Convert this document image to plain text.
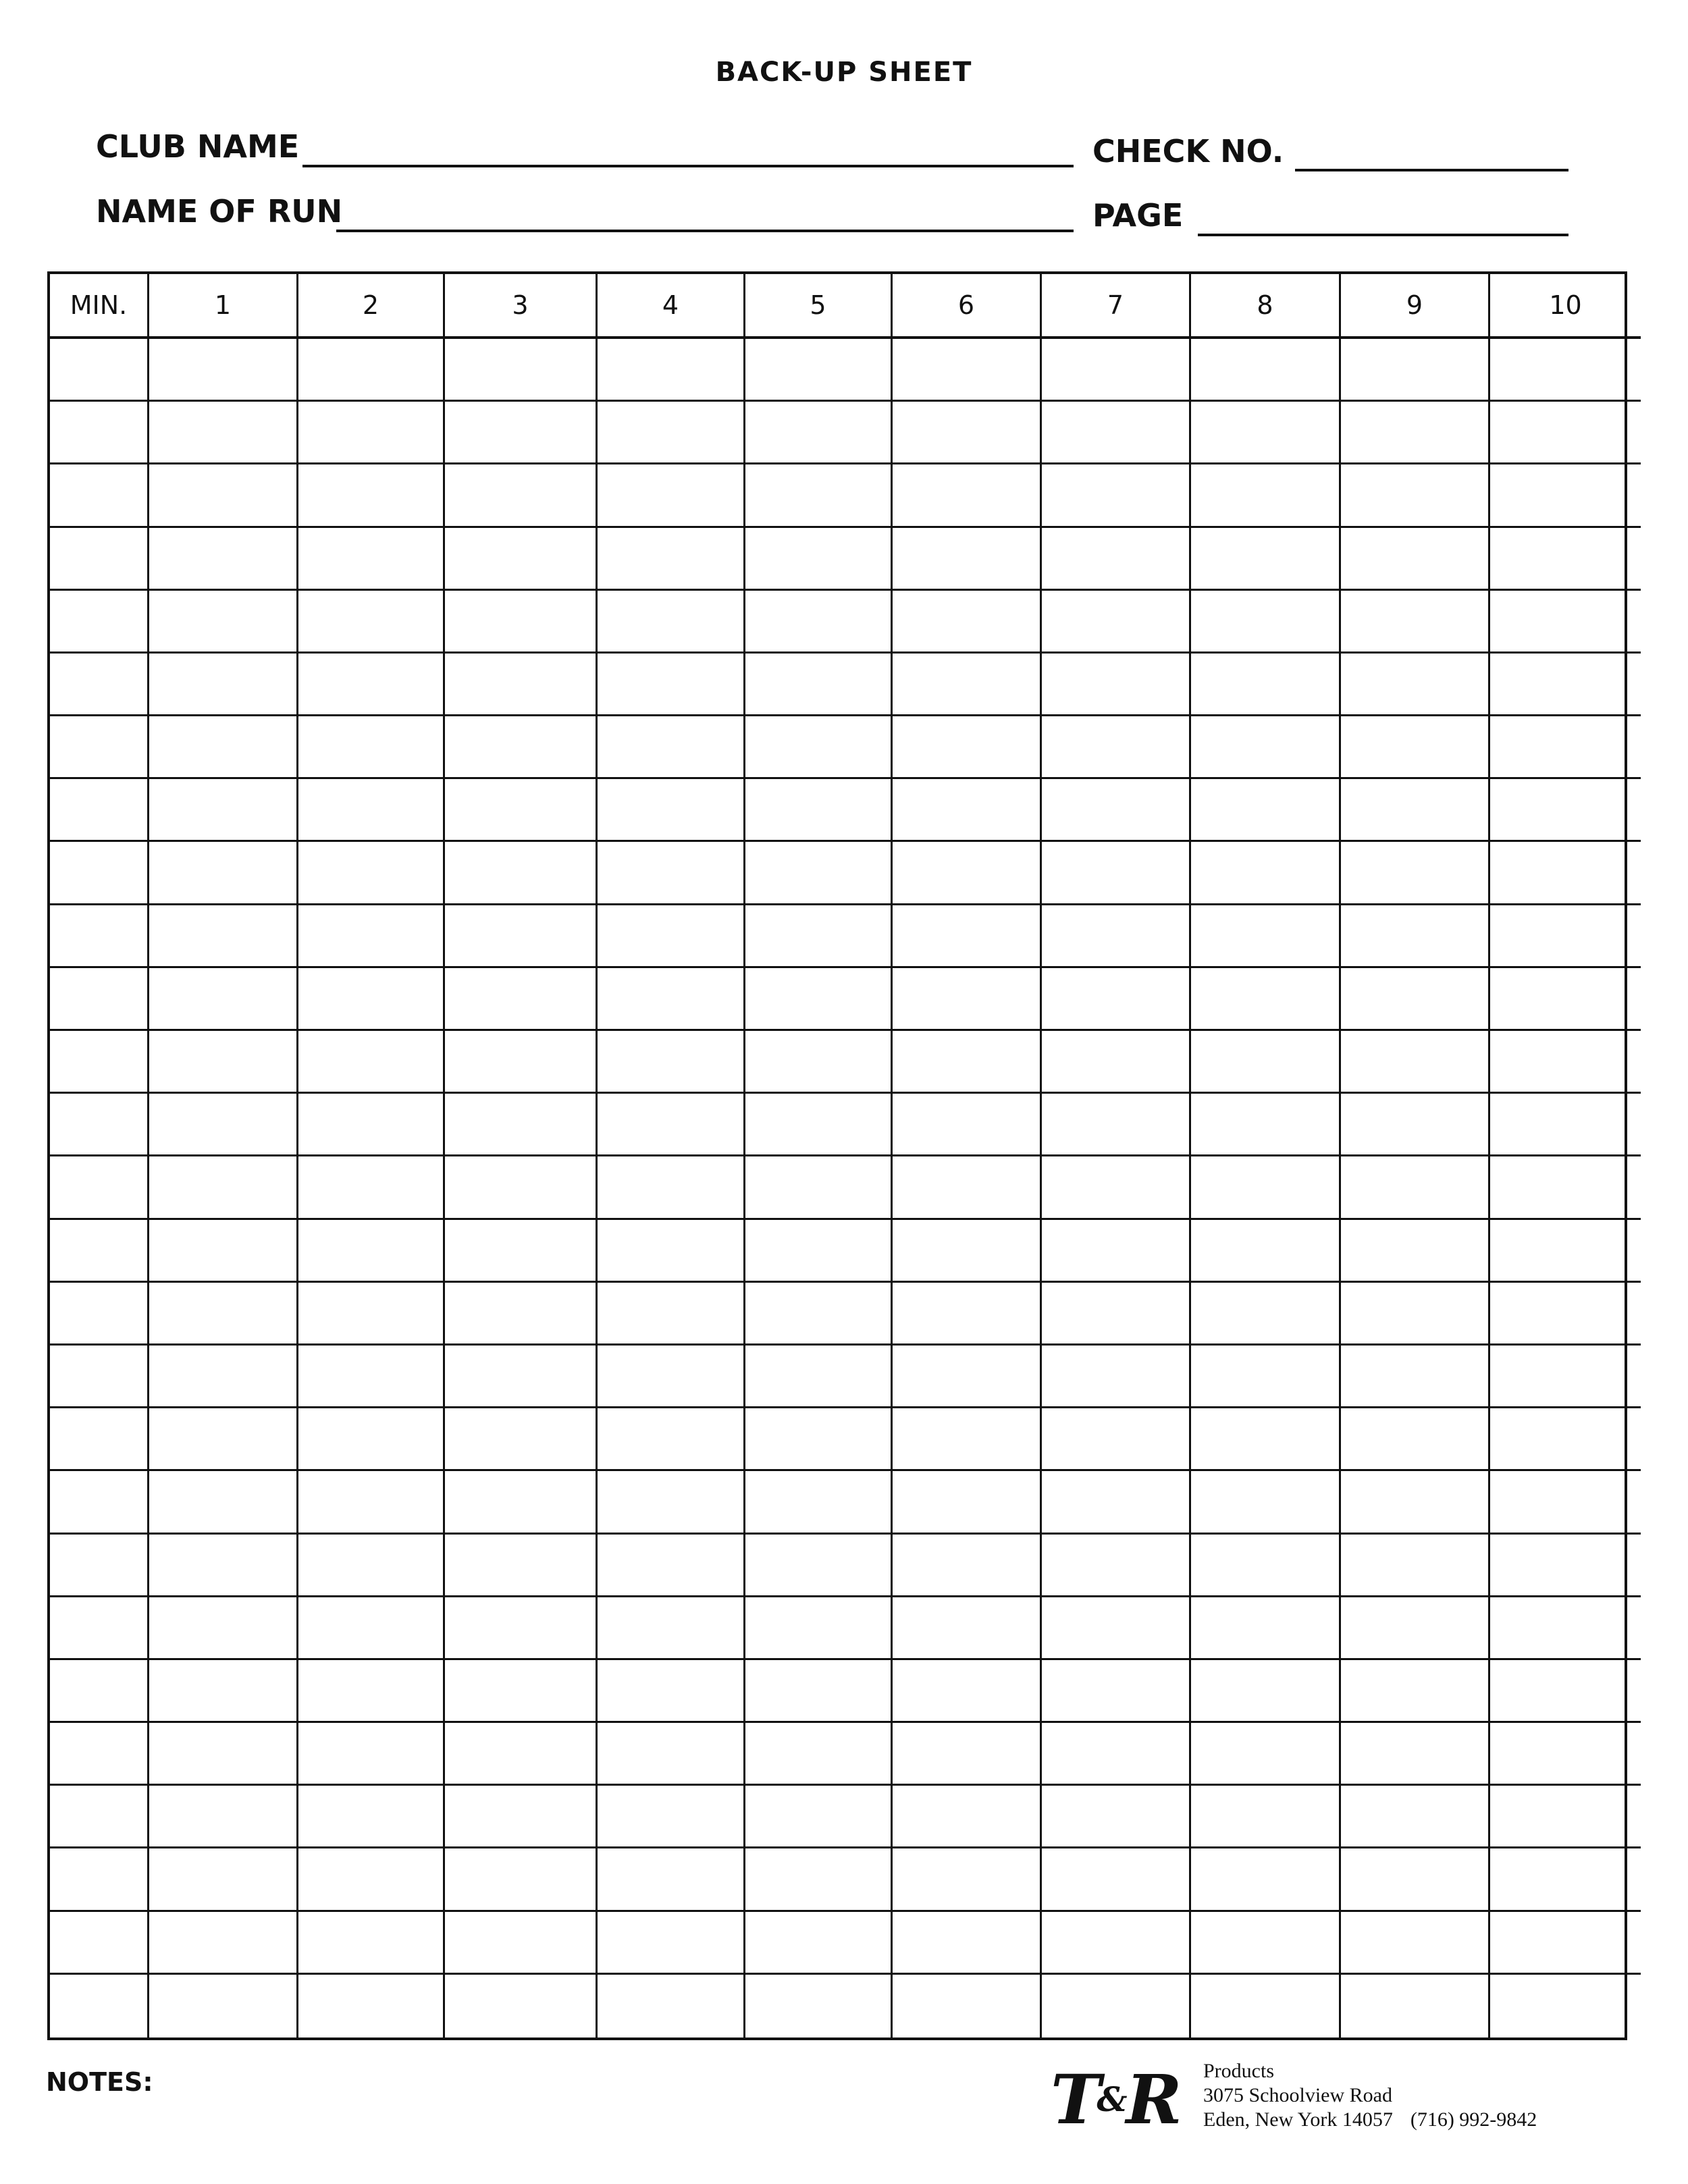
BACK-UP SHEET
CLUB NAME	CHECK NO.
NAME OF RUN	PAGE
MIN.	1	2	3	4	5	6	7	8	9	10
NOTES:	T&R Products
3075 Schoolview Road
Eden, New York 14057 (716) 992-9842
